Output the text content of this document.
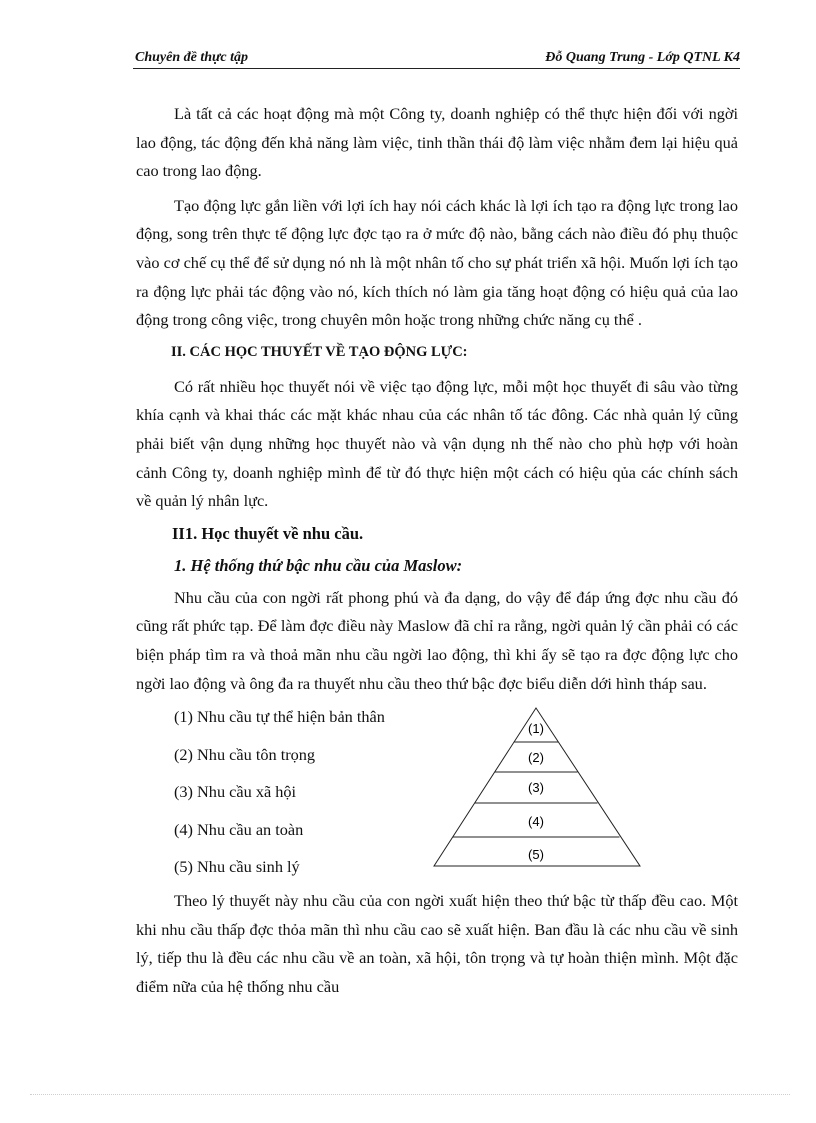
Chuyên đề thực tập	Đỗ Quang Trung - Lớp QTNL K4

Là tất cả các hoạt động mà một Công ty, doanh nghiệp có thể thực hiện đối với ngời lao động, tác động đến khả năng làm việc, tinh thần thái độ làm việc nhằm đem lại hiệu quả cao trong lao động.

Tạo động lực gắn liền với lợi ích hay nói cách khác là lợi ích tạo ra động lực trong lao động, song trên thực tế động lực đợc tạo ra ở mức độ nào, bằng cách nào điều đó phụ thuộc vào cơ chế cụ thể để sử dụng nó nh là một nhân tố cho sự phát triển xã hội. Muốn lợi ích tạo ra động lực phải tác động vào nó, kích thích nó làm gia tăng hoạt động có hiệu quả của lao động trong công việc, trong chuyên môn hoặc trong những chức năng cụ thể .

II. CÁC HỌC THUYẾT VỀ TẠO ĐỘNG LỰC:

Có rất nhiều học thuyết nói về việc tạo động lực, mỗi một học thuyết đi sâu vào từng khía cạnh và khai thác các mặt khác nhau của các nhân tố tác đông. Các nhà quản lý cũng phải biết vận dụng những học thuyết nào và vận dụng nh thế nào cho phù hợp với hoàn cảnh Công ty, doanh nghiệp mình để từ đó thực hiện một cách có hiệu qủa các chính sách về quản lý nhân lực.

II1. Học thuyết về nhu cầu.
1. Hệ thống thứ bậc nhu cầu của Maslow:

Nhu cầu của con ngời rất phong phú và đa dạng, do vậy để đáp ứng đợc nhu cầu đó cũng rất phức tạp. Để làm đợc điều này Maslow đã chỉ ra rằng, ngời quản lý cần phải có các biện pháp tìm ra và thoả mãn nhu cầu ngời lao động, thì khi ấy sẽ tạo ra đợc động lực cho ngời lao động và ông đa ra thuyết nhu cầu theo thứ bậc đợc biểu diễn dới hình tháp sau.

(1) Nhu cầu tự thể hiện bản thân
(2) Nhu cầu tôn trọng
(3) Nhu cầu xã hội
(4) Nhu cầu an toàn
(5) Nhu cầu sinh lý
(1)
(2)
(3)
(4)
(5)

Theo lý thuyết này nhu cầu của con ngời xuất hiện theo thứ bậc từ thấp đều cao. Một khi nhu cầu thấp đợc thỏa mãn thì nhu cầu cao sẽ xuất hiện. Ban đầu là các nhu cầu về sinh lý, tiếp thu là đều các nhu cầu về an toàn, xã hội, tôn trọng và tự hoàn thiện mình. Một đặc điểm nữa của hệ thống nhu cầu
